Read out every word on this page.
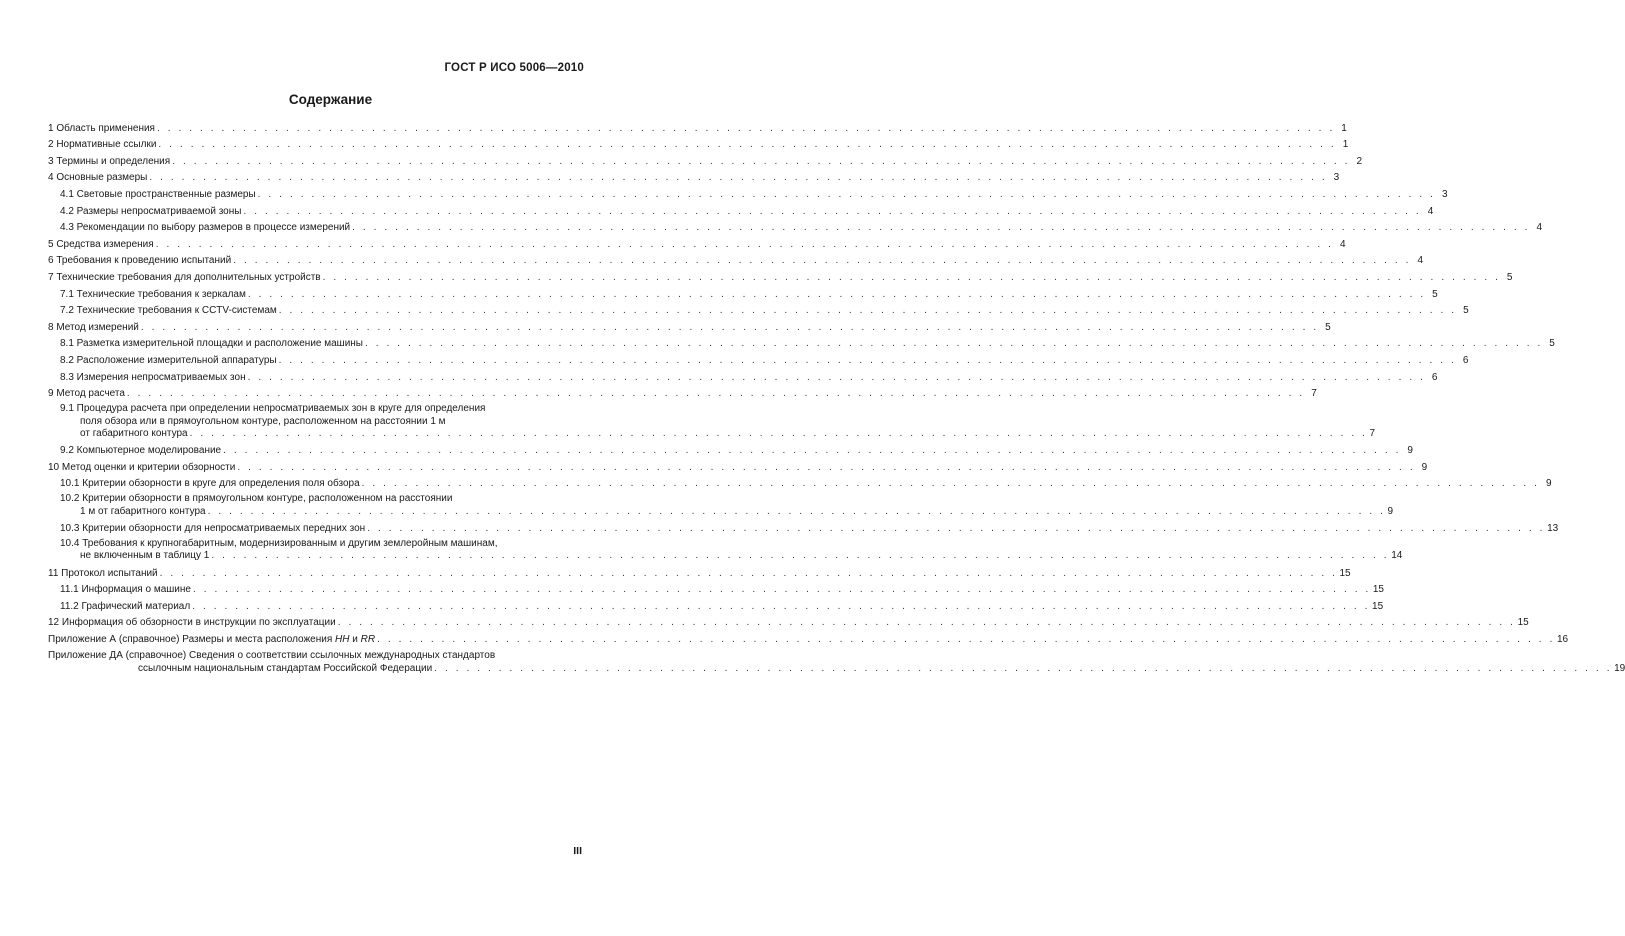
ГОСТ Р ИСО 5006—2010
Содержание
1 Область применения . . . . . . . . . . . . . . . . . . . . . . . . . . . . . . . . . . . . . . . . . . . . . . . . . . . . . . . . . . . . . . . . . . . . . . . . . . . . . . . . . . . . . . . . . . . . . . . . . . . . . . . . . . . . . . 1
2 Нормативные ссылки . . . . . . . . . . . . . . . . . . . . . . . . . . . . . . . . . . . . . . . . . . . . . . . . . . . . . . . . . . . . . . . . . . . . . . . . . . . . . . . . . . . . . . . . . . . . . . . . . . . . . . . . . . . . . . 1
3 Термины и определения . . . . . . . . . . . . . . . . . . . . . . . . . . . . . . . . . . . . . . . . . . . . . . . . . . . . . . . . . . . . . . . . . . . . . . . . . . . . . . . . . . . . . . . . . . . . . . . . . . . . . . . . . . . . . . 2
4 Основные размеры . . . . . . . . . . . . . . . . . . . . . . . . . . . . . . . . . . . . . . . . . . . . . . . . . . . . . . . . . . . . . . . . . . . . . . . . . . . . . . . . . . . . . . . . . . . . . . . . . . . . . . . . . . . . . . 3
4.1 Световые пространственные размеры . . . . . . . . . . . . . . . . . . . . . . . . . . . . . . . . . . . . . . . . . . . . . . . . . . . . . . . . . . . . . . . . . . . . . . . . . . . . . . . . . . . . . . . . . . . . . . . . . . . . . . . . . . . . . . 3
4.2 Размеры непросматриваемой зоны . . . . . . . . . . . . . . . . . . . . . . . . . . . . . . . . . . . . . . . . . . . . . . . . . . . . . . . . . . . . . . . . . . . . . . . . . . . . . . . . . . . . . . . . . . . . . . . . . . . . . . . . . . . . . . 4
4.3 Рекомендации по выбору размеров в процессе измерений . . . . . . . . . . . . . . . . . . . . . . . . . . . . . . . . . . . . . . . . . . . . . . . . . . . . . . . . . . . . . . . . . . . . . . . . . . . . . . . . . . . . . . . . . . . . . . . . . . . . . . . . . . . . . . 4
5 Средства измерения . . . . . . . . . . . . . . . . . . . . . . . . . . . . . . . . . . . . . . . . . . . . . . . . . . . . . . . . . . . . . . . . . . . . . . . . . . . . . . . . . . . . . . . . . . . . . . . . . . . . . . . . . . . . . . 4
6 Требования к проведению испытаний . . . . . . . . . . . . . . . . . . . . . . . . . . . . . . . . . . . . . . . . . . . . . . . . . . . . . . . . . . . . . . . . . . . . . . . . . . . . . . . . . . . . . . . . . . . . . . . . . . . . . . . . . . . . . . 4
7 Технические требования для дополнительных устройств . . . . . . . . . . . . . . . . . . . . . . . . . . . . . . . . . . . . . . . . . . . . . . . . . . . . . . . . . . . . . . . . . . . . . . . . . . . . . . . . . . . . . . . . . . . . . . . . . . . . . . . . . . . . . . 5
7.1 Технические требования к зеркалам . . . . . . . . . . . . . . . . . . . . . . . . . . . . . . . . . . . . . . . . . . . . . . . . . . . . . . . . . . . . . . . . . . . . . . . . . . . . . . . . . . . . . . . . . . . . . . . . . . . . . . . . . . . . . . 5
7.2 Технические требования к CCTV-системам . . . . . . . . . . . . . . . . . . . . . . . . . . . . . . . . . . . . . . . . . . . . . . . . . . . . . . . . . . . . . . . . . . . . . . . . . . . . . . . . . . . . . . . . . . . . . . . . . . . . . . . . . . . . . . 5
8 Метод измерений . . . . . . . . . . . . . . . . . . . . . . . . . . . . . . . . . . . . . . . . . . . . . . . . . . . . . . . . . . . . . . . . . . . . . . . . . . . . . . . . . . . . . . . . . . . . . . . . . . . . . . . . . . . . . . 5
8.1 Разметка измерительной площадки и расположение машины . . . . . . . . . . . . . . . . . . . . . . . . . . . . . . . . . . . . . . . . . . . . . . . . . . . . . . . . . . . . . . . . . . . . . . . . . . . . . . . . . . . . . . . . . . . . . . . . . . . . . . . . . . . . . . 5
8.2 Расположение измерительной аппаратуры . . . . . . . . . . . . . . . . . . . . . . . . . . . . . . . . . . . . . . . . . . . . . . . . . . . . . . . . . . . . . . . . . . . . . . . . . . . . . . . . . . . . . . . . . . . . . . . . . . . . . . . . . . . . . . 6
8.3 Измерения непросматриваемых зон . . . . . . . . . . . . . . . . . . . . . . . . . . . . . . . . . . . . . . . . . . . . . . . . . . . . . . . . . . . . . . . . . . . . . . . . . . . . . . . . . . . . . . . . . . . . . . . . . . . . . . . . . . . . . . 6
9 Метод расчета . . . . . . . . . . . . . . . . . . . . . . . . . . . . . . . . . . . . . . . . . . . . . . . . . . . . . . . . . . . . . . . . . . . . . . . . . . . . . . . . . . . . . . . . . . . . . . . . . . . . . . . . . . . . . . 7
9.1 Процедура расчета при определении непросматриваемых зон в круге для определения
поля обзора или в прямоугольном контуре, расположенном на расстоянии 1 м
от габаритного контура . . . . . . . . . . . . . . . . . . . . . . . . . . . . . . . . . . . . . . . . . . . . . . . . . . . . . . . . . . . . . . . . . . . . . . . . . . . . . . . . . . . . . . . . . . . . . . . . . . . . . . . . . . . . . . 7
9.2 Компьютерное моделирование . . . . . . . . . . . . . . . . . . . . . . . . . . . . . . . . . . . . . . . . . . . . . . . . . . . . . . . . . . . . . . . . . . . . . . . . . . . . . . . . . . . . . . . . . . . . . . . . . . . . . . . . . . . . . . 9
10 Метод оценки и критерии обзорности . . . . . . . . . . . . . . . . . . . . . . . . . . . . . . . . . . . . . . . . . . . . . . . . . . . . . . . . . . . . . . . . . . . . . . . . . . . . . . . . . . . . . . . . . . . . . . . . . . . . . . . . . . . . . . 9
10.1 Критерии обзорности в круге для определения поля обзора . . . . . . . . . . . . . . . . . . . . . . . . . . . . . . . . . . . . . . . . . . . . . . . . . . . . . . . . . . . . . . . . . . . . . . . . . . . . . . . . . . . . . . . . . . . . . . . . . . . . . . . . . . . . . . 9
10.2 Критерии обзорности в прямоугольном контуре, расположенном на расстоянии
1 м от габаритного контура . . . . . . . . . . . . . . . . . . . . . . . . . . . . . . . . . . . . . . . . . . . . . . . . . . . . . . . . . . . . . . . . . . . . . . . . . . . . . . . . . . . . . . . . . . . . . . . . . . . . . . . . . . . . . . 9
10.3 Критерии обзорности для непросматриваемых передних зон . . . . . . . . . . . . . . . . . . . . . . . . . . . . . . . . . . . . . . . . . . . . . . . . . . . . . . . . . . . . . . . . . . . . . . . . . . . . . . . . . . . . . . . . . . . . . . . . . . . . . . . . . . . . . . 13
10.4 Требования к крупногабаритным, модернизированным и другим землеройным машинам,
не включенным в таблицу 1 . . . . . . . . . . . . . . . . . . . . . . . . . . . . . . . . . . . . . . . . . . . . . . . . . . . . . . . . . . . . . . . . . . . . . . . . . . . . . . . . . . . . . . . . . . . . . . . . . . . . . . . . . . . . . . 14
11 Протокол испытаний . . . . . . . . . . . . . . . . . . . . . . . . . . . . . . . . . . . . . . . . . . . . . . . . . . . . . . . . . . . . . . . . . . . . . . . . . . . . . . . . . . . . . . . . . . . . . . . . . . . . . . . . . . . . . . 15
11.1 Информация о машине . . . . . . . . . . . . . . . . . . . . . . . . . . . . . . . . . . . . . . . . . . . . . . . . . . . . . . . . . . . . . . . . . . . . . . . . . . . . . . . . . . . . . . . . . . . . . . . . . . . . . . . . . . . . . . 15
11.2 Графический материал . . . . . . . . . . . . . . . . . . . . . . . . . . . . . . . . . . . . . . . . . . . . . . . . . . . . . . . . . . . . . . . . . . . . . . . . . . . . . . . . . . . . . . . . . . . . . . . . . . . . . . . . . . . . . . 15
12 Информация об обзорности в инструкции по эксплуатации . . . . . . . . . . . . . . . . . . . . . . . . . . . . . . . . . . . . . . . . . . . . . . . . . . . . . . . . . . . . . . . . . . . . . . . . . . . . . . . . . . . . . . . . . . . . . . . . . . . . . . . . . . . . . . 15
Приложение А (справочное) Размеры и места расположения HH и RR . . . . . . . . . . . . . . . . . . . . . . . . . . . . . . . . . . . . . . . . . . . . . . . . . . . . . . . . . . . . . . . . . . . . . . . . . . . . . . . . . . . . . . . . . . . . . . . . . . . . . . . . . . . . . . 16
Приложение ДА (справочное) Сведения о соответствии ссылочных международных стандартов
ссылочным национальным стандартам Российской Федерации . . . . . . . . . . . . . . . . . . . . . . . . . . . . . . . . . . . . . . . . . . . . . . . . . . . . . . . . . . . . . . . . . . . . . . . . . . . . . . . . . . . . . . . . . . . . . . . . . . . . . . . . . . . . . . 19
III
